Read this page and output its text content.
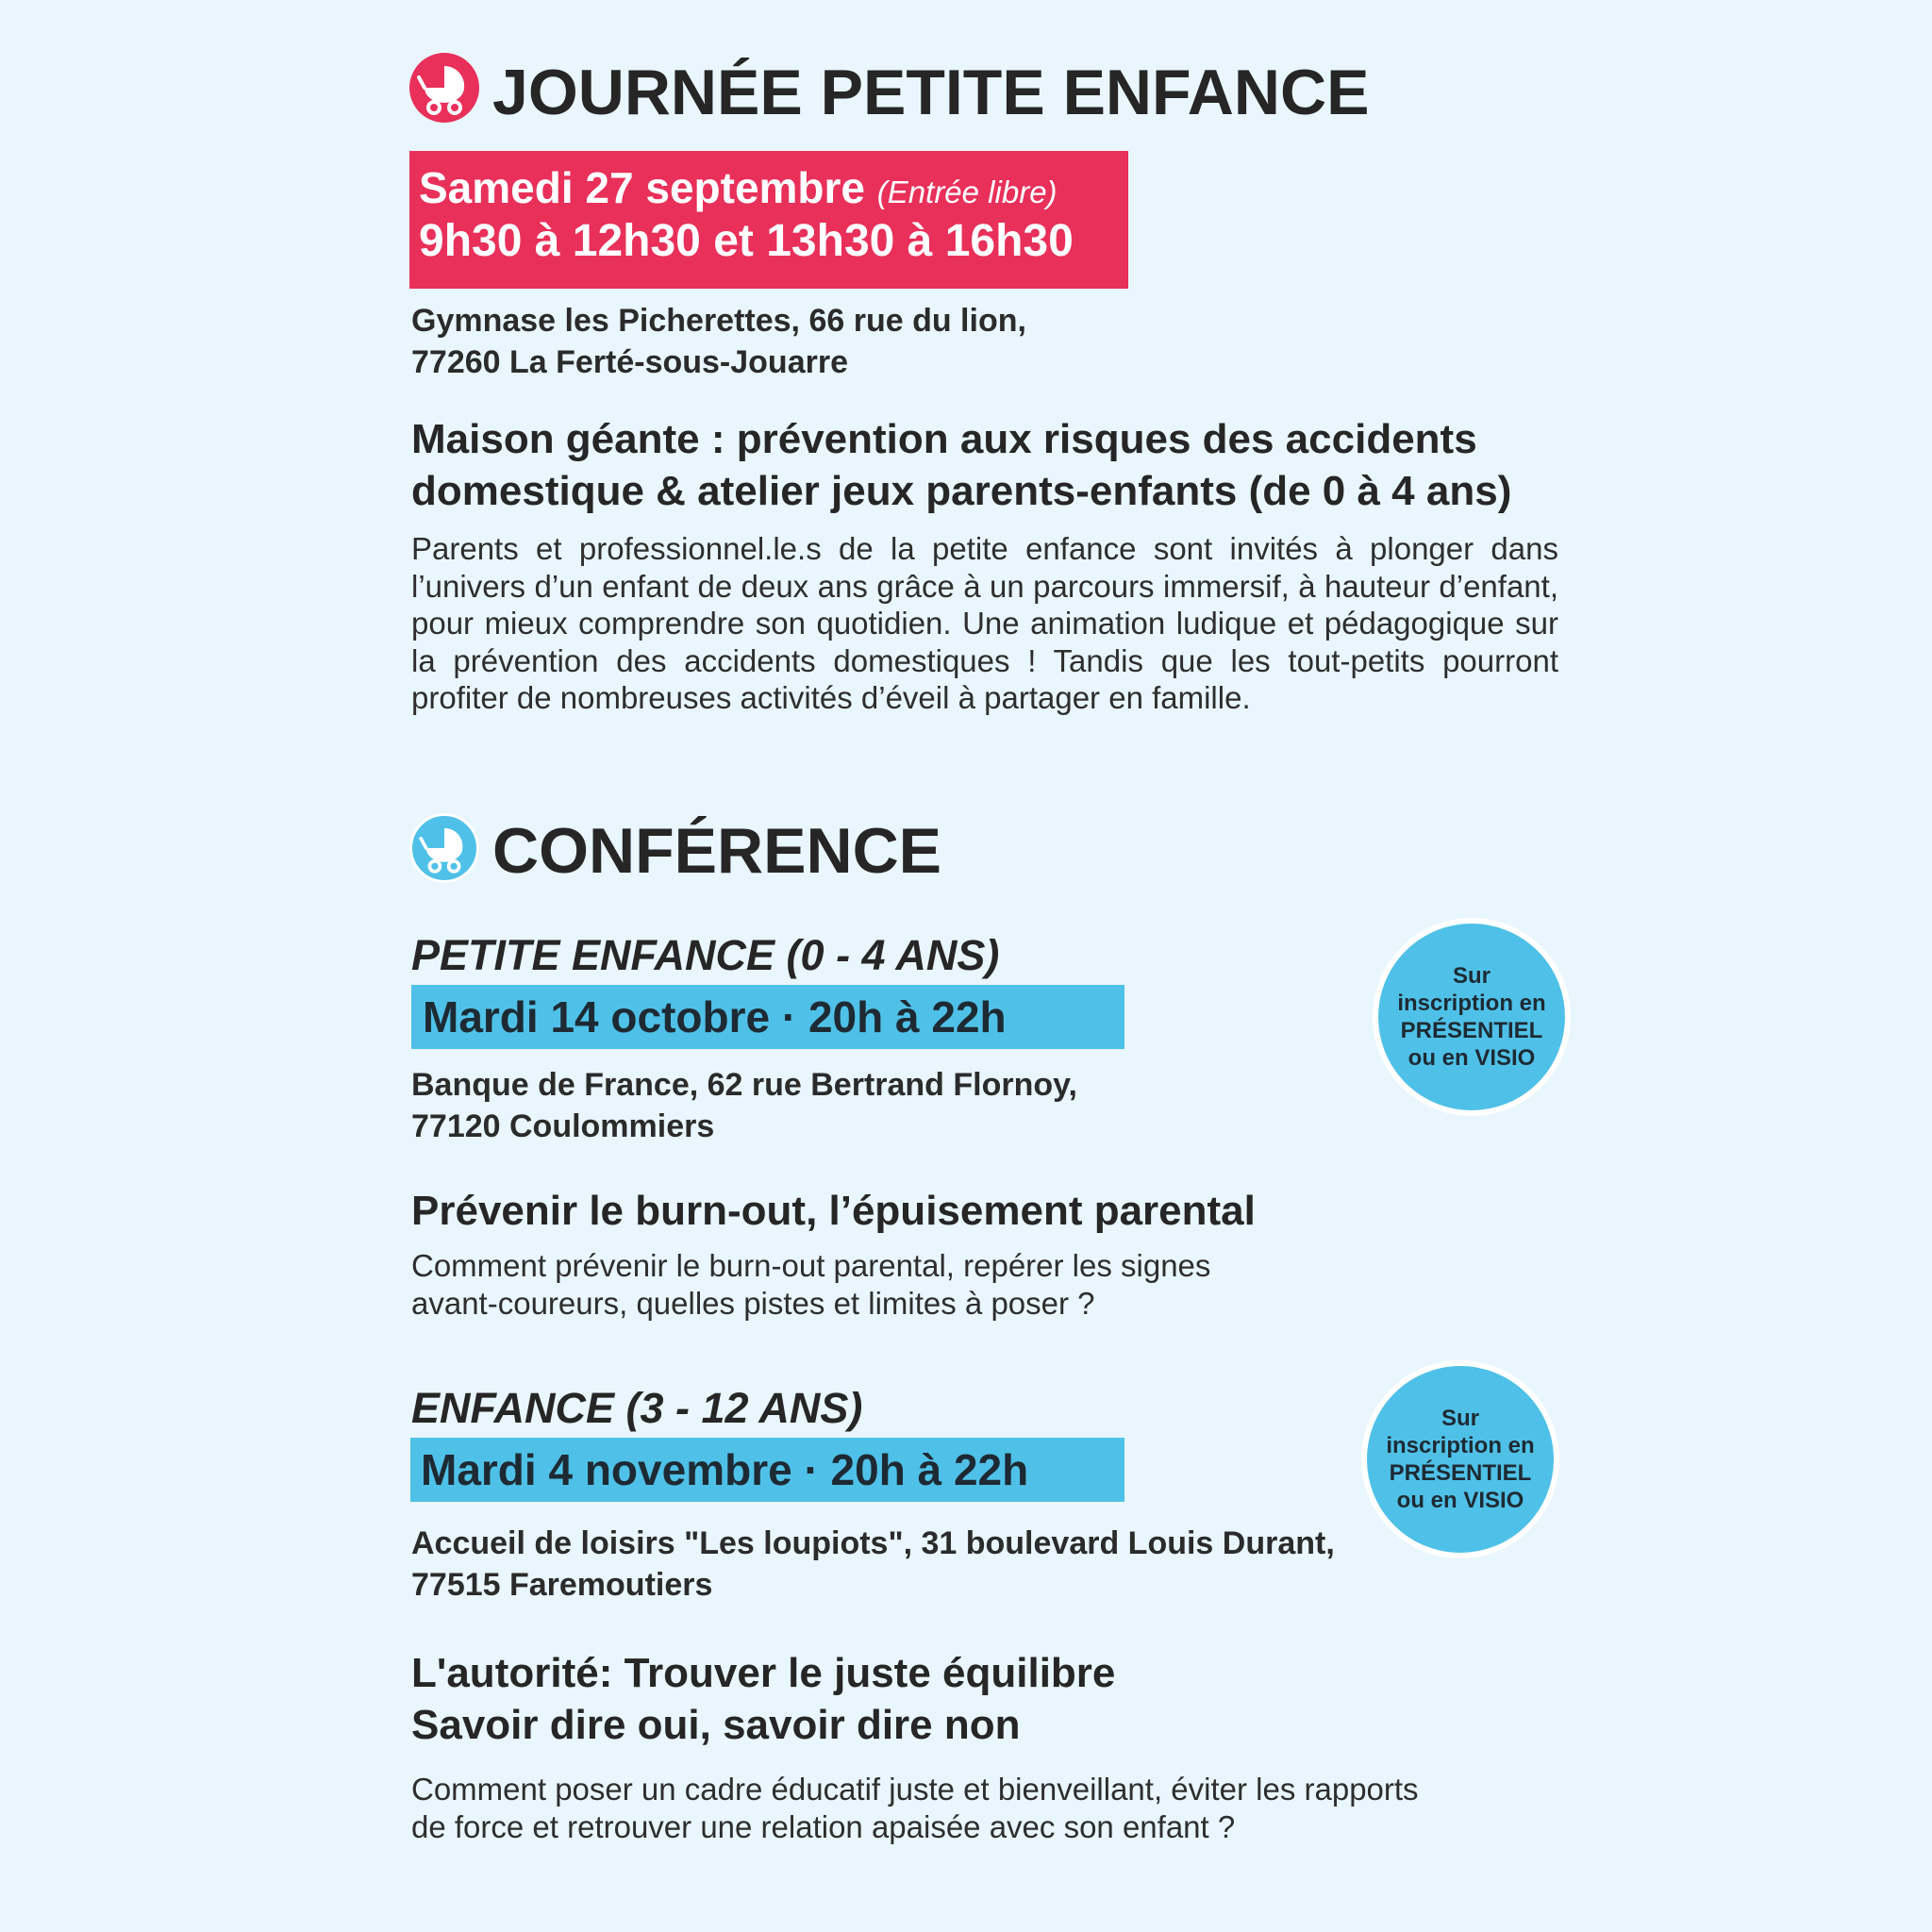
JOURNÉE PETITE ENFANCE
Samedi 27 septembre (Entrée libre)
9h30 à 12h30 et 13h30 à 16h30
Gymnase les Picherettes, 66 rue du lion,
77260 La Ferté-sous-Jouarre
Maison géante : prévention aux risques des accidents
domestique & atelier jeux parents-enfants (de 0 à 4 ans)
Parents et professionnel.le.s de la petite enfance sont invités à plonger dans l’univers d’un enfant de deux ans grâce à un parcours immersif, à hauteur d’enfant, pour mieux comprendre son quotidien. Une animation ludique et pédagogique sur la prévention des accidents domestiques ! Tandis que les tout-petits pourront profiter de nombreuses activités d’éveil à partager en famille.
CONFÉRENCE
PETITE ENFANCE (0 - 4 ANS)
Mardi 14 octobre · 20h à 22h
Sur
inscription en
PRÉSENTIEL
ou en VISIO
Banque de France, 62 rue Bertrand Flornoy,
77120 Coulommiers
Prévenir le burn-out, l’épuisement parental
Comment prévenir le burn-out parental, repérer les signes
avant-coureurs, quelles pistes et limites à poser ?
ENFANCE (3 - 12 ANS)
Mardi 4 novembre · 20h à 22h
Sur
inscription en
PRÉSENTIEL
ou en VISIO
Accueil de loisirs "Les loupiots", 31 boulevard Louis Durant,
77515 Faremoutiers
L'autorité: Trouver le juste équilibre
Savoir dire oui, savoir dire non
Comment poser un cadre éducatif juste et bienveillant, éviter les rapports
de force et retrouver une relation apaisée avec son enfant ?
